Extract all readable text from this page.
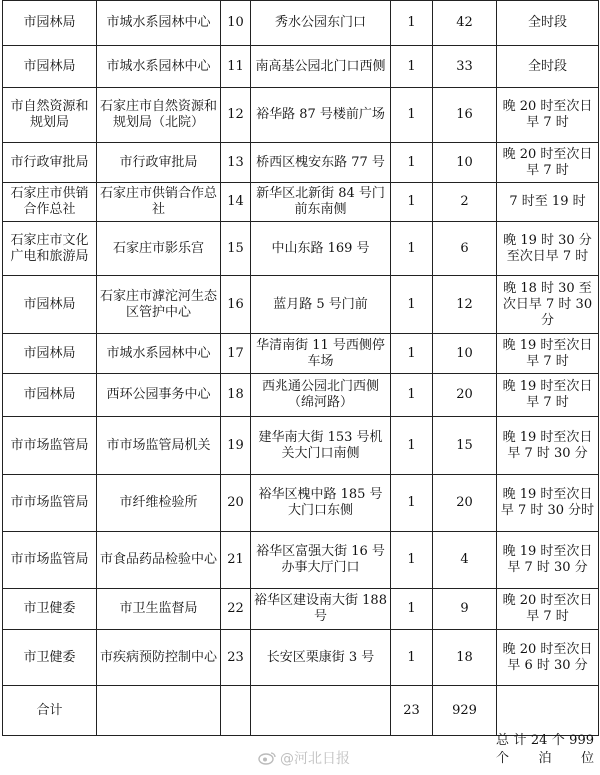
市园林局	市城水系园林中心	10	秀水公园东门口	1	42	全时段
市园林局	市城水系园林中心	11	南高基公园北门口西侧	1	33	全时段
市自然资源和规划局	石家庄市自然资源和规划局（北院）	12	裕华路 87 号楼前广场	1	16	晚 20 时至次日早 7 时
市行政审批局	市行政审批局	13	桥西区槐安东路 77 号	1	10	晚 20 时至次日早 7 时
石家庄市供销合作总社	石家庄市供销合作总社	14	新华区北新街 84 号门前东南侧	1	2	7 时至 19 时
石家庄市文化广电和旅游局	石家庄市影乐宫	15	中山东路 169 号	1	6	晚 19 时 30 分至次日早 7 时
市园林局	石家庄市滹沱河生态区管护中心	16	蓝月路 5 号门前	1	12	晚 18 时 30 至次日早 7 时 30 分
市园林局	市城水系园林中心	17	华清南街 11 号西侧停车场	1	10	晚 19 时至次日早 7 时
市园林局	西环公园事务中心	18	西兆通公园北门西侧（绵河路）	1	20	晚 19 时至次日早 7 时
市市场监管局	市市场监管局机关	19	建华南大街 153 号机关大门口南侧	1	15	晚 19 时至次日早 7 时 30 分
市市场监管局	市纤维检验所	20	裕华区槐中路 185 号大门口东侧	1	20	晚 19 时至次日早 7 时 30 分时
市市场监管局	市食品药品检验中心	21	裕华区富强大街 16 号办事大厅门口	1	4	晚 19 时至次日早 7 时 30 分
市卫健委	市卫生监督局	22	裕华区建设南大街 188 号	1	9	晚 20 时至次日早 7 时
市卫健委	市疾病预防控制中心	23	长安区栗康街 3 号	1	18	晚 20 时至次日早 6 时 30 分
合计				23	929	
总 计 24 个 999 个泊位
@河北日报
